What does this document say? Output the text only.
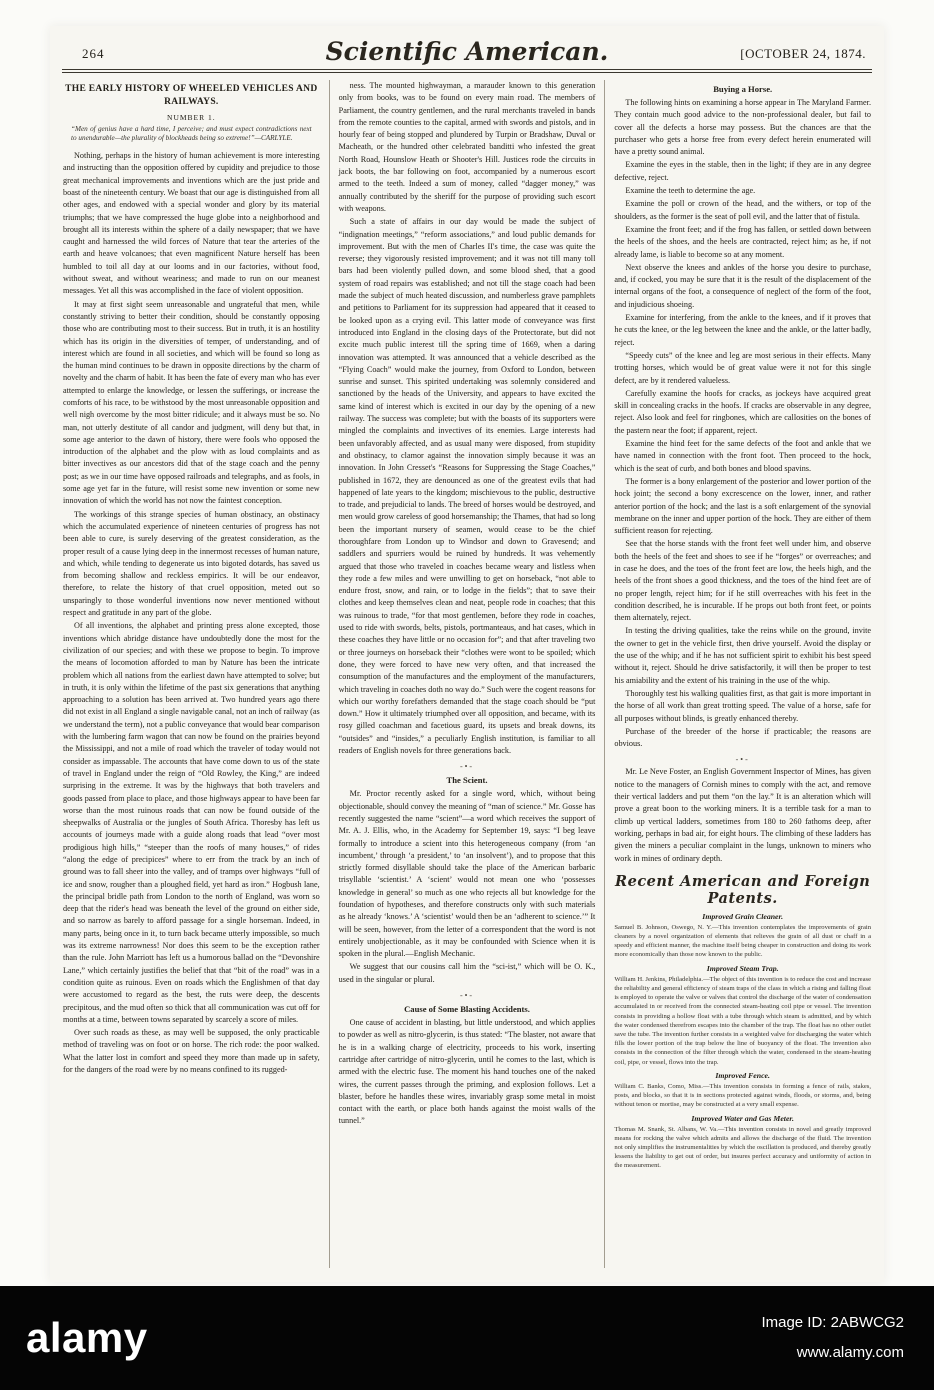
264	Scientific American.	[OCTOBER 24, 1874.
THE EARLY HISTORY OF WHEELED VEHICLES AND RAILWAYS.
NUMBER 1.
“Men of genius have a hard time, I perceive; and must expect contradictions next to unendurable—the plurality of blockheads being so extreme!”—CARLYLE.

Nothing, perhaps in the history of human achievement is more interesting and instructing than the opposition offered by cupidity and prejudice to those great mechanical improvements and inventions which are the just pride and boast of the nineteenth century. We boast that our age is distinguished from all other ages, and endowed with a special wonder and glory by its material triumphs; that we have compressed the huge globe into a neighborhood and brought all its interests within the sphere of a daily newspaper; that we have caught and harnessed the wild forces of Nature that tear the arteries of the earth and heave volcanoes; that even magnificent Nature herself has been humbled to toil all day at our looms and in our factories, without food, without sweat, and without weariness; and made to run on our meanest messages. Yet all this was accomplished in the face of violent opposition.

It may at first sight seem unreasonable and ungrateful that men, while constantly striving to better their condition, should be constantly opposing those who are contributing most to their success. But in truth, it is an hostility which has its origin in the diversities of temper, of understanding, and of interest which are found in all societies, and which will be found so long as the human mind continues to be drawn in opposite directions by the charm of novelty and the charm of habit. It has been the fate of every man who has ever attempted to enlarge the knowledge, or lessen the sufferings, or increase the comforts of his race, to be withstood by the most unreasonable opposition and well nigh overcome by the most bitter ridicule; and it always must be so. No man, not utterly destitute of all candor and judgment, will deny but that, in some age anterior to the dawn of history, there were fools who opposed the introduction of the alphabet and the plow with as loud complaints and as bitter invectives as our ancestors did that of the stage coach and the penny post; as we in our time have opposed railroads and telegraphs, and as fools, in some age yet far in the future, will resist some new invention or some new innovation of which the world has not now the faintest conception.

The workings of this strange species of human obstinacy, an obstinacy which the accumulated experience of nineteen centuries of progress has not been able to cure, is surely deserving of the greatest consideration, as the proper result of a cause lying deep in the innermost recesses of human nature, and which, while tending to degenerate us into bigoted dotards, has saved us from becoming shallow and reckless empirics. It will be our endeavor, therefore, to relate the history of that cruel opposition, meted out so unsparingly to those wonderful inventions now never mentioned without respect and gratitude in any part of the globe.

Of all inventions, the alphabet and printing press alone excepted, those inventions which abridge distance have undoubtedly done the most for the civilization of our species; and with these we propose to begin. To improve the means of locomotion afforded to man by Nature has been the intricate problem which all nations from the earliest dawn have attempted to solve; but in truth, it is only within the lifetime of the past six generations that anything approaching to a solution has been arrived at. Two hundred years ago there did not exist in all England a single navigable canal, not an inch of railway (as we understand the term), not a public conveyance that would bear comparison with the lumbering farm wagon that can now be found on the prairies beyond the Mississippi, and not a mile of road which the traveler of today would not consider as impassable. The accounts that have come down to us of the state of travel in England under the reign of “Old Rowley, the King,” are indeed surprising in the extreme. It was by the highways that both travelers and goods passed from place to place, and those highways appear to have been far worse than the most ruinous roads that can now be found outside of the sheepwalks of Australia or the jungles of South Africa. Thoresby has left us accounts of journeys made with a guide along roads that lead “over most prodigious high hills,” “steeper than the roofs of many houses,” of rides “along the edge of precipices” where to err from the track by an inch of ground was to fall sheer into the valley, and of tramps over highways “full of ice and snow, rougher than a ploughed field, yet hard as iron.” Hogbush lane, the principal bridle path from London to the north of England, was worn so deep that the rider's head was beneath the level of the ground on either side, and so narrow as barely to afford passage for a single horseman. Indeed, in many parts, being once in it, to turn back became utterly impossible, so much was its extreme narrowness! Nor does this seem to be the exception rather than the rule. John Marriott has left us a humorous ballad on the “Devonshire Lane,” which certainly justifies the belief that that “bit of the road” was in a condition quite as ruinous. Even on roads which the Englishmen of that day were accustomed to regard as the best, the ruts were deep, the descents precipitous, and the mud often so thick that all communication was cut off for months at a time, between towns separated by scarcely a score of miles.

Over such roads as these, as may well be supposed, the only practicable method of traveling was on foot or on horse. The rich rode: the poor walked. What the latter lost in comfort and speed they more than made up in safety, for the dangers of the road were by no means confined to its rugged-

ness. The mounted highwayman, a marauder known to this generation only from books, was to be found on every main road. The members of Parliament, the country gentlemen, and the rural merchants traveled in bands from the remote counties to the capital, armed with swords and pistols, and in hourly fear of being stopped and plundered by Turpin or Bradshaw, Duval or Macheath, or the hundred other celebrated banditti who infested the great North Road, Hounslow Heath or Shooter's Hill. Justices rode the circuits in jack boots, the bar following on foot, accompanied by a numerous escort armed to the teeth. Indeed a sum of money, called “dagger money,” was annually contributed by the sheriff for the purpose of providing such escort with weapons.

Such a state of affairs in our day would be made the subject of “indignation meetings,” “reform associations,” and loud public demands for improvement. But with the men of Charles II's time, the case was quite the reverse; they vigorously resisted improvement; and it was not till many toll bars had been violently pulled down, and some blood shed, that a good system of road repairs was established; and not till the stage coach had been made the subject of much heated discussion, and numberless grave pamphlets and petitions to Parliament for its suppression had appeared that it ceased to be looked upon as a crying evil. This latter mode of conveyance was first introduced into England in the closing days of the Protectorate, but did not excite much public interest till the spring time of 1669, when a daring innovation was attempted. It was announced that a vehicle described as the “Flying Coach” would make the journey, from Oxford to London, between sunrise and sunset. This spirited undertaking was solemnly considered and sanctioned by the heads of the University, and appears to have excited the same kind of interest which is excited in our day by the opening of a new railway. The success was complete; but with the boasts of its supporters were mingled the complaints and invectives of its enemies. Large interests had been unfavorably affected, and as usual many were disposed, from stupidity and obstinacy, to clamor against the innovation simply because it was an innovation. In John Cresset's “Reasons for Suppressing the Stage Coaches,” published in 1672, they are denounced as one of the greatest evils that had happened of late years to the kingdom; mischievous to the public, destructive to trade, and prejudicial to lands. The breed of horses would be destroyed, and men would grow careless of good horsemanship; the Thames, that had so long been the important nursery of seamen, would cease to be the chief thoroughfare from London up to Windsor and down to Gravesend; and saddlers and spurriers would be ruined by hundreds. It was vehemently argued that those who traveled in coaches became weary and listless when they rode a few miles and were unwilling to get on horseback, “not able to endure frost, snow, and rain, or to lodge in the fields”; that to save their clothes and keep themselves clean and neat, people rode in coaches; that this was ruinous to trade, “for that most gentlemen, before they rode in coaches, used to ride with swords, belts, pistols, portmanteaus, and hat cases, which in these coaches they have little or no occasion for”; and that after traveling two or three journeys on horseback their “clothes were wont to be spoiled; which done, they were forced to have new very often, and that increased the consumption of the manufactures and the employment of the manufacturers, which traveling in coaches doth no way do.” Such were the cogent reasons for which our worthy forefathers demanded that the stage coach should be “put down.” How it ultimately triumphed over all opposition, and became, with its rosy gilled coachman and facetious guard, its upsets and break downs, its “outsides” and “insides,” a peculiarly English institution, is familiar to all readers of English novels for three generations back.

-•-
The Scient.

Mr. Proctor recently asked for a single word, which, without being objectionable, should convey the meaning of “man of science.” Mr. Gosse has recently suggested the name “scient”—a word which receives the support of Mr. A. J. Ellis, who, in the Academy for September 19, says: “I beg leave formally to introduce a scient into this heterogeneous company (from ‘an incumbent,’ through ‘a president,’ to ‘an insolvent’), and to propose that this strictly formed disyllable should take the place of the American barbaric trisyllable ‘scientist.’ A ‘scient’ would not mean one who ‘possesses knowledge in general’ so much as one who rejects all but knowledge for the foundation of hypotheses, and therefore constructs only with such materials as he already ‘knows.’ A ‘scientist’ would then be an ‘adherent to science.’” It will be seen, however, from the letter of a correspondent that the word is not entirely unobjectionable, as it may be confounded with Science when it is spoken in the plural.—English Mechanic.

We suggest that our cousins call him the “sci-ist,” which will be O. K., used in the singular or plural.

-•-
Cause of Some Blasting Accidents.

One cause of accident in blasting, but little understood, and which applies to powder as well as nitro-glycerin, is thus stated: “The blaster, not aware that he is in a walking charge of electricity, proceeds to his work, inserting cartridge after cartridge of nitro-glycerin, until he comes to the last, which is armed with the electric fuse. The moment his hand touches one of the naked wires, the current passes through the priming, and explosion follows. Let a blaster, before he handles these wires, invariably grasp some metal in moist contact with the earth, or place both hands against the moist walls of the tunnel.”

Buying a Horse.

The following hints on examining a horse appear in The Maryland Farmer. They contain much good advice to the non-professional dealer, but fail to cover all the defects a horse may possess. But the chances are that the purchaser who gets a horse free from every defect herein enumerated will have a pretty sound animal.

Examine the eyes in the stable, then in the light; if they are in any degree defective, reject.

Examine the teeth to determine the age.

Examine the poll or crown of the head, and the withers, or top of the shoulders, as the former is the seat of poll evil, and the latter that of fistula.

Examine the front feet; and if the frog has fallen, or settled down between the heels of the shoes, and the heels are contracted, reject him; as he, if not already lame, is liable to become so at any moment.

Next observe the knees and ankles of the horse you desire to purchase, and, if cocked, you may be sure that it is the result of the displacement of the internal organs of the foot, a consequence of neglect of the form of the foot, and injudicious shoeing.

Examine for interfering, from the ankle to the knees, and if it proves that he cuts the knee, or the leg between the knee and the ankle, or the latter badly, reject.

“Speedy cuts” of the knee and leg are most serious in their effects. Many trotting horses, which would be of great value were it not for this single defect, are by it rendered valueless.

Carefully examine the hoofs for cracks, as jockeys have acquired great skill in concealing cracks in the hoofs. If cracks are observable in any degree, reject. Also look and feel for ringbones, which are callosities on the bones of the pastern near the foot; if apparent, reject.

Examine the hind feet for the same defects of the foot and ankle that we have named in connection with the front foot. Then proceed to the hock, which is the seat of curb, and both bones and blood spavins.

The former is a bony enlargement of the posterior and lower portion of the hock joint; the second a bony excrescence on the lower, inner, and rather anterior portion of the hock; and the last is a soft enlargement of the synovial membrane on the inner and upper portion of the hock. They are either of them sufficient reason for rejecting.

See that the horse stands with the front feet well under him, and observe both the heels of the feet and shoes to see if he “forges” or overreaches; and in case he does, and the toes of the front feet are low, the heels high, and the heels of the front shoes a good thickness, and the toes of the hind feet are of no proper length, reject him; for if he still overreaches with his feet in the condition described, he is incurable. If he props out both front feet, or points them alternately, reject.

In testing the driving qualities, take the reins while on the ground, invite the owner to get in the vehicle first, then drive yourself. Avoid the display or the use of the whip; and if he has not sufficient spirit to exhibit his best speed without it, reject. Should he drive satisfactorily, it will then be proper to test his amiability and the extent of his training in the use of the whip.

Thoroughly test his walking qualities first, as that gait is more important in the horse of all work than great trotting speed. The value of a horse, safe for all purposes without blinds, is greatly enhanced thereby.

Purchase of the breeder of the horse if practicable; the reasons are obvious.

-•-

Mr. Le Neve Foster, an English Government Inspector of Mines, has given notice to the managers of Cornish mines to comply with the act, and remove their vertical ladders and put them “on the lay.” It is an alteration which will prove a great boon to the working miners. It is a terrible task for a man to climb up vertical ladders, sometimes from 180 to 260 fathoms deep, after working, perhaps in bad air, for eight hours. The climbing of these ladders has given the miners a peculiar complaint in the lungs, unknown to miners who work in mines of ordinary depth.

Recent American and Foreign Patents.
Improved Grain Cleaner.
Samuel B. Johnson, Oswego, N. Y.—This invention contemplates the improvements of grain cleaners by a novel organization of elements that relieves the grain of all dust or chaff in a speedy and efficient manner, the machine itself being cheaper in construction and doing its work more economically than those now known to the public.
Improved Steam Trap.
William H. Jenkins, Philadelphia.—The object of this invention is to reduce the cost and increase the reliability and general efficiency of steam traps of the class in which a rising and falling float is employed to operate the valve or valves that control the discharge of the water of condensation accumulated in or received from the connected steam-heating coil pipe or vessel. The invention consists in providing a hollow float with a tube through which steam is admitted, and by which the water condensed therefrom escapes into the chamber of the trap. The float has no other outlet save the tube. The invention further consists in a weighted valve for discharging the water which fills the lower portion of the trap below the line of buoyancy of the float. The invention also consists in the connection of the filter through which the water, condensed in the steam-heating coil, pipe, or vessel, flows into the trap.
Improved Fence.
William C. Banks, Como, Miss.—This invention consists in forming a fence of rails, stakes, posts, and blocks, so that it is in sections protected against winds, floods, or storms, and, being without tenon or mortise, may be constructed at a very small expense.
Improved Water and Gas Meter.
Thomas M. Snank, St. Albans, W. Va.—This invention consists in novel and greatly improved means for rocking the valve which admits and allows the discharge of the fluid. The invention not only simplifies the instrumentalities by which the oscillation is produced, and thereby greatly lessens the liability to get out of order, but insures perfect accuracy and uniformity of action in the measurement.
alamy	Image ID: 2ABWCG2
www.alamy.com
